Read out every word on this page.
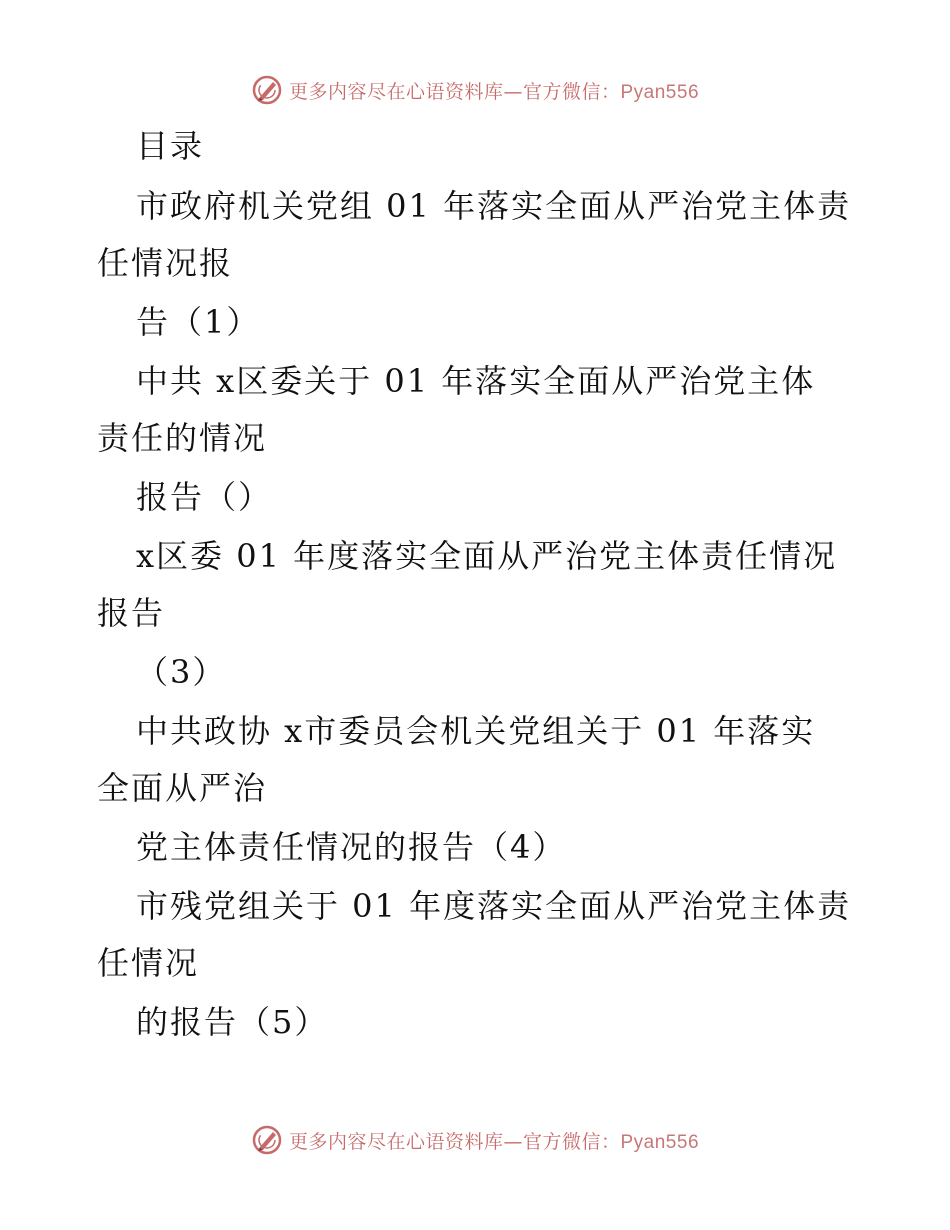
更多内容尽在心语资料库—官方微信：Pyan556
目录
市政府机关党组 01 年落实全面从严治党主体责
任情况报
告（1）
中共 x区委关于 01 年落实全面从严治党主体
责任的情况
报告（）
x区委 01 年度落实全面从严治党主体责任情况
报告
（3）
中共政协 x市委员会机关党组关于 01 年落实
全面从严治
党主体责任情况的报告（4）
市残党组关于 01 年度落实全面从严治党主体责
任情况
的报告（5）
更多内容尽在心语资料库—官方微信：Pyan556
